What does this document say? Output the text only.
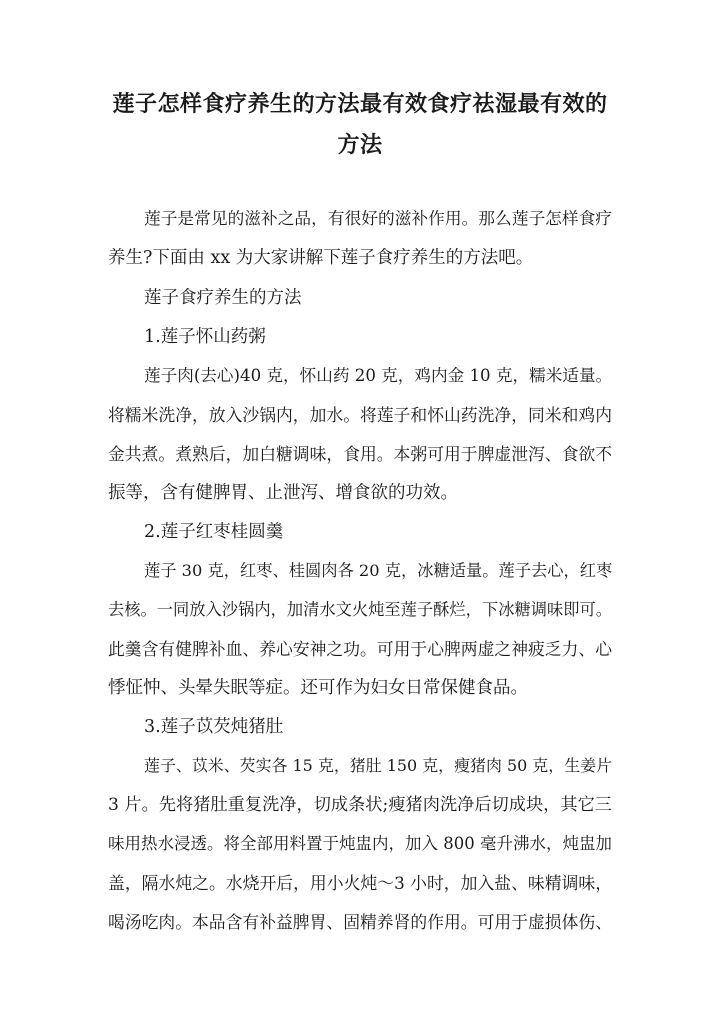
莲子怎样食疗养生的方法最有效食疗祛湿最有效的
方法
莲子是常见的滋补之品，有很好的滋补作用。那么莲子怎样食疗
养生?下面由 xx 为大家讲解下莲子食疗养生的方法吧。
莲子食疗养生的方法
1.莲子怀山药粥
莲子肉(去心)40 克，怀山药 20 克，鸡内金 10 克，糯米适量。
将糯米洗净，放入沙锅内，加水。将莲子和怀山药洗净，同米和鸡内
金共煮。煮熟后，加白糖调味，食用。本粥可用于脾虚泄泻、食欲不
振等，含有健脾胃、止泄泻、增食欲的功效。
2.莲子红枣桂圆羹
莲子 30 克，红枣、桂圆肉各 20 克，冰糖适量。莲子去心，红枣
去核。一同放入沙锅内，加清水文火炖至莲子酥烂，下冰糖调味即可。
此羹含有健脾补血、养心安神之功。可用于心脾两虚之神疲乏力、心
悸怔忡、头晕失眠等症。还可作为妇女日常保健食品。
3.莲子苡芡炖猪肚
莲子、苡米、芡实各 15 克，猪肚 150 克，瘦猪肉 50 克，生姜片
3 片。先将猪肚重复洗净，切成条状;瘦猪肉洗净后切成块，其它三
味用热水浸透。将全部用料置于炖盅内，加入 800 毫升沸水，炖盅加
盖，隔水炖之。水烧开后，用小火炖～3 小时，加入盐、味精调味，
喝汤吃肉。本品含有补益脾胃、固精养肾的作用。可用于虚损体伤、
